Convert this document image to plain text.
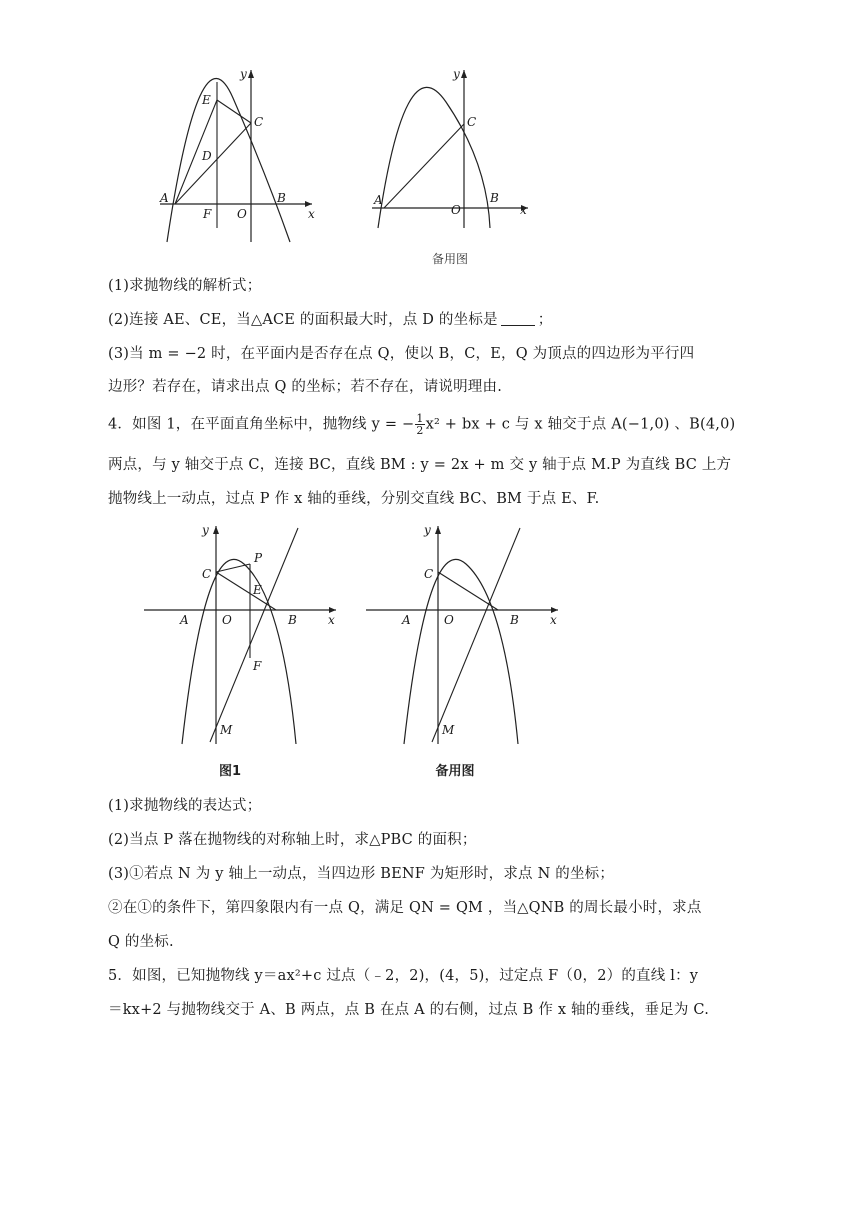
y
x
E
C
D
A
F O
B
y
x
C
A
O
B
备用图
(1)求抛物线的解析式；
(2)连接 AE、CE，当△ACE 的面积最大时，点 D 的坐标是	；
(3)当 m = −2 时，在平面内是否存在点 Q，使以 B，C，E，Q 为顶点的四边形为平行四
边形？若存在，请求出点 Q 的坐标；若不存在，请说明理由.
4．如图 1，在平面直角坐标中，抛物线 y = − $\frac{1}{2} x^2$ + bx + c 与 x 轴交于点 A(−1,0) 、B(4,0)
两点，与 y 轴交于点 C，连接 BC，直线 BM : y = 2x + m 交 y 轴于点 M.P 为直线 BC 上方
抛物线上一动点，过点 P 作 x 轴的垂线，分别交直线 BC、BM 于点 E、F.
y
x
P
C
E
A	O	B
F
M
图1
y
x
C
A	O	B
M
备用图
(1)求抛物线的表达式；
(2)当点 P 落在抛物线的对称轴上时，求△PBC 的面积；
(3)①若点 N 为 y 轴上一动点，当四边形 BENF 为矩形时，求点 N 的坐标；
②在①的条件下，第四象限内有一点 Q，满足 QN = QM ，当△QNB 的周长最小时，求点
Q 的坐标.
5．如图，已知抛物线 y＝ax²+c 过点（﹣2，2)，(4，5)，过定点 F（0，2）的直线 l：y
＝kx+2 与抛物线交于 A、B 两点，点 B 在点 A 的右侧，过点 B 作 x 轴的垂线，垂足为 C.
